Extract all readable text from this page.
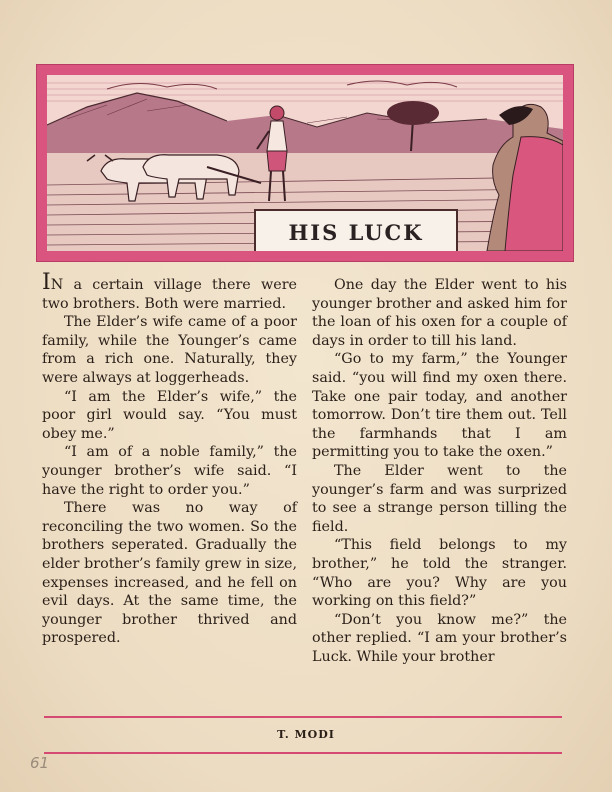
HIS LUCK

IN a certain village there were two brothers. Both were married.

The Elder’s wife came of a poor family, while the Younger’s came from a rich one. Naturally, they were always at loggerheads.

“I am the Elder’s wife,” the poor girl would say. “You must obey me.”

“I am of a noble family,” the younger brother’s wife said. “I have the right to order you.”

There was no way of reconciling the two women. So the brothers seperated. Gradually the elder brother’s family grew in size, expenses increased, and he fell on evil days. At the same time, the younger brother thrived and prospered.

One day the Elder went to his younger brother and asked him for the loan of his oxen for a couple of days in order to till his land.

“Go to my farm,” the Younger said. “you will find my oxen there. Take one pair today, and another tomorrow. Don’t tire them out. Tell the farmhands that I am permitting you to take the oxen.”

The Elder went to the younger’s farm and was surprized to see a strange person tilling the field.

“This field belongs to my brother,” he told the stranger. “Who are you? Why are you working on this field?”

“Don’t you know me?” the other replied. “I am your brother’s Luck. While your brother

T. MODI
61
